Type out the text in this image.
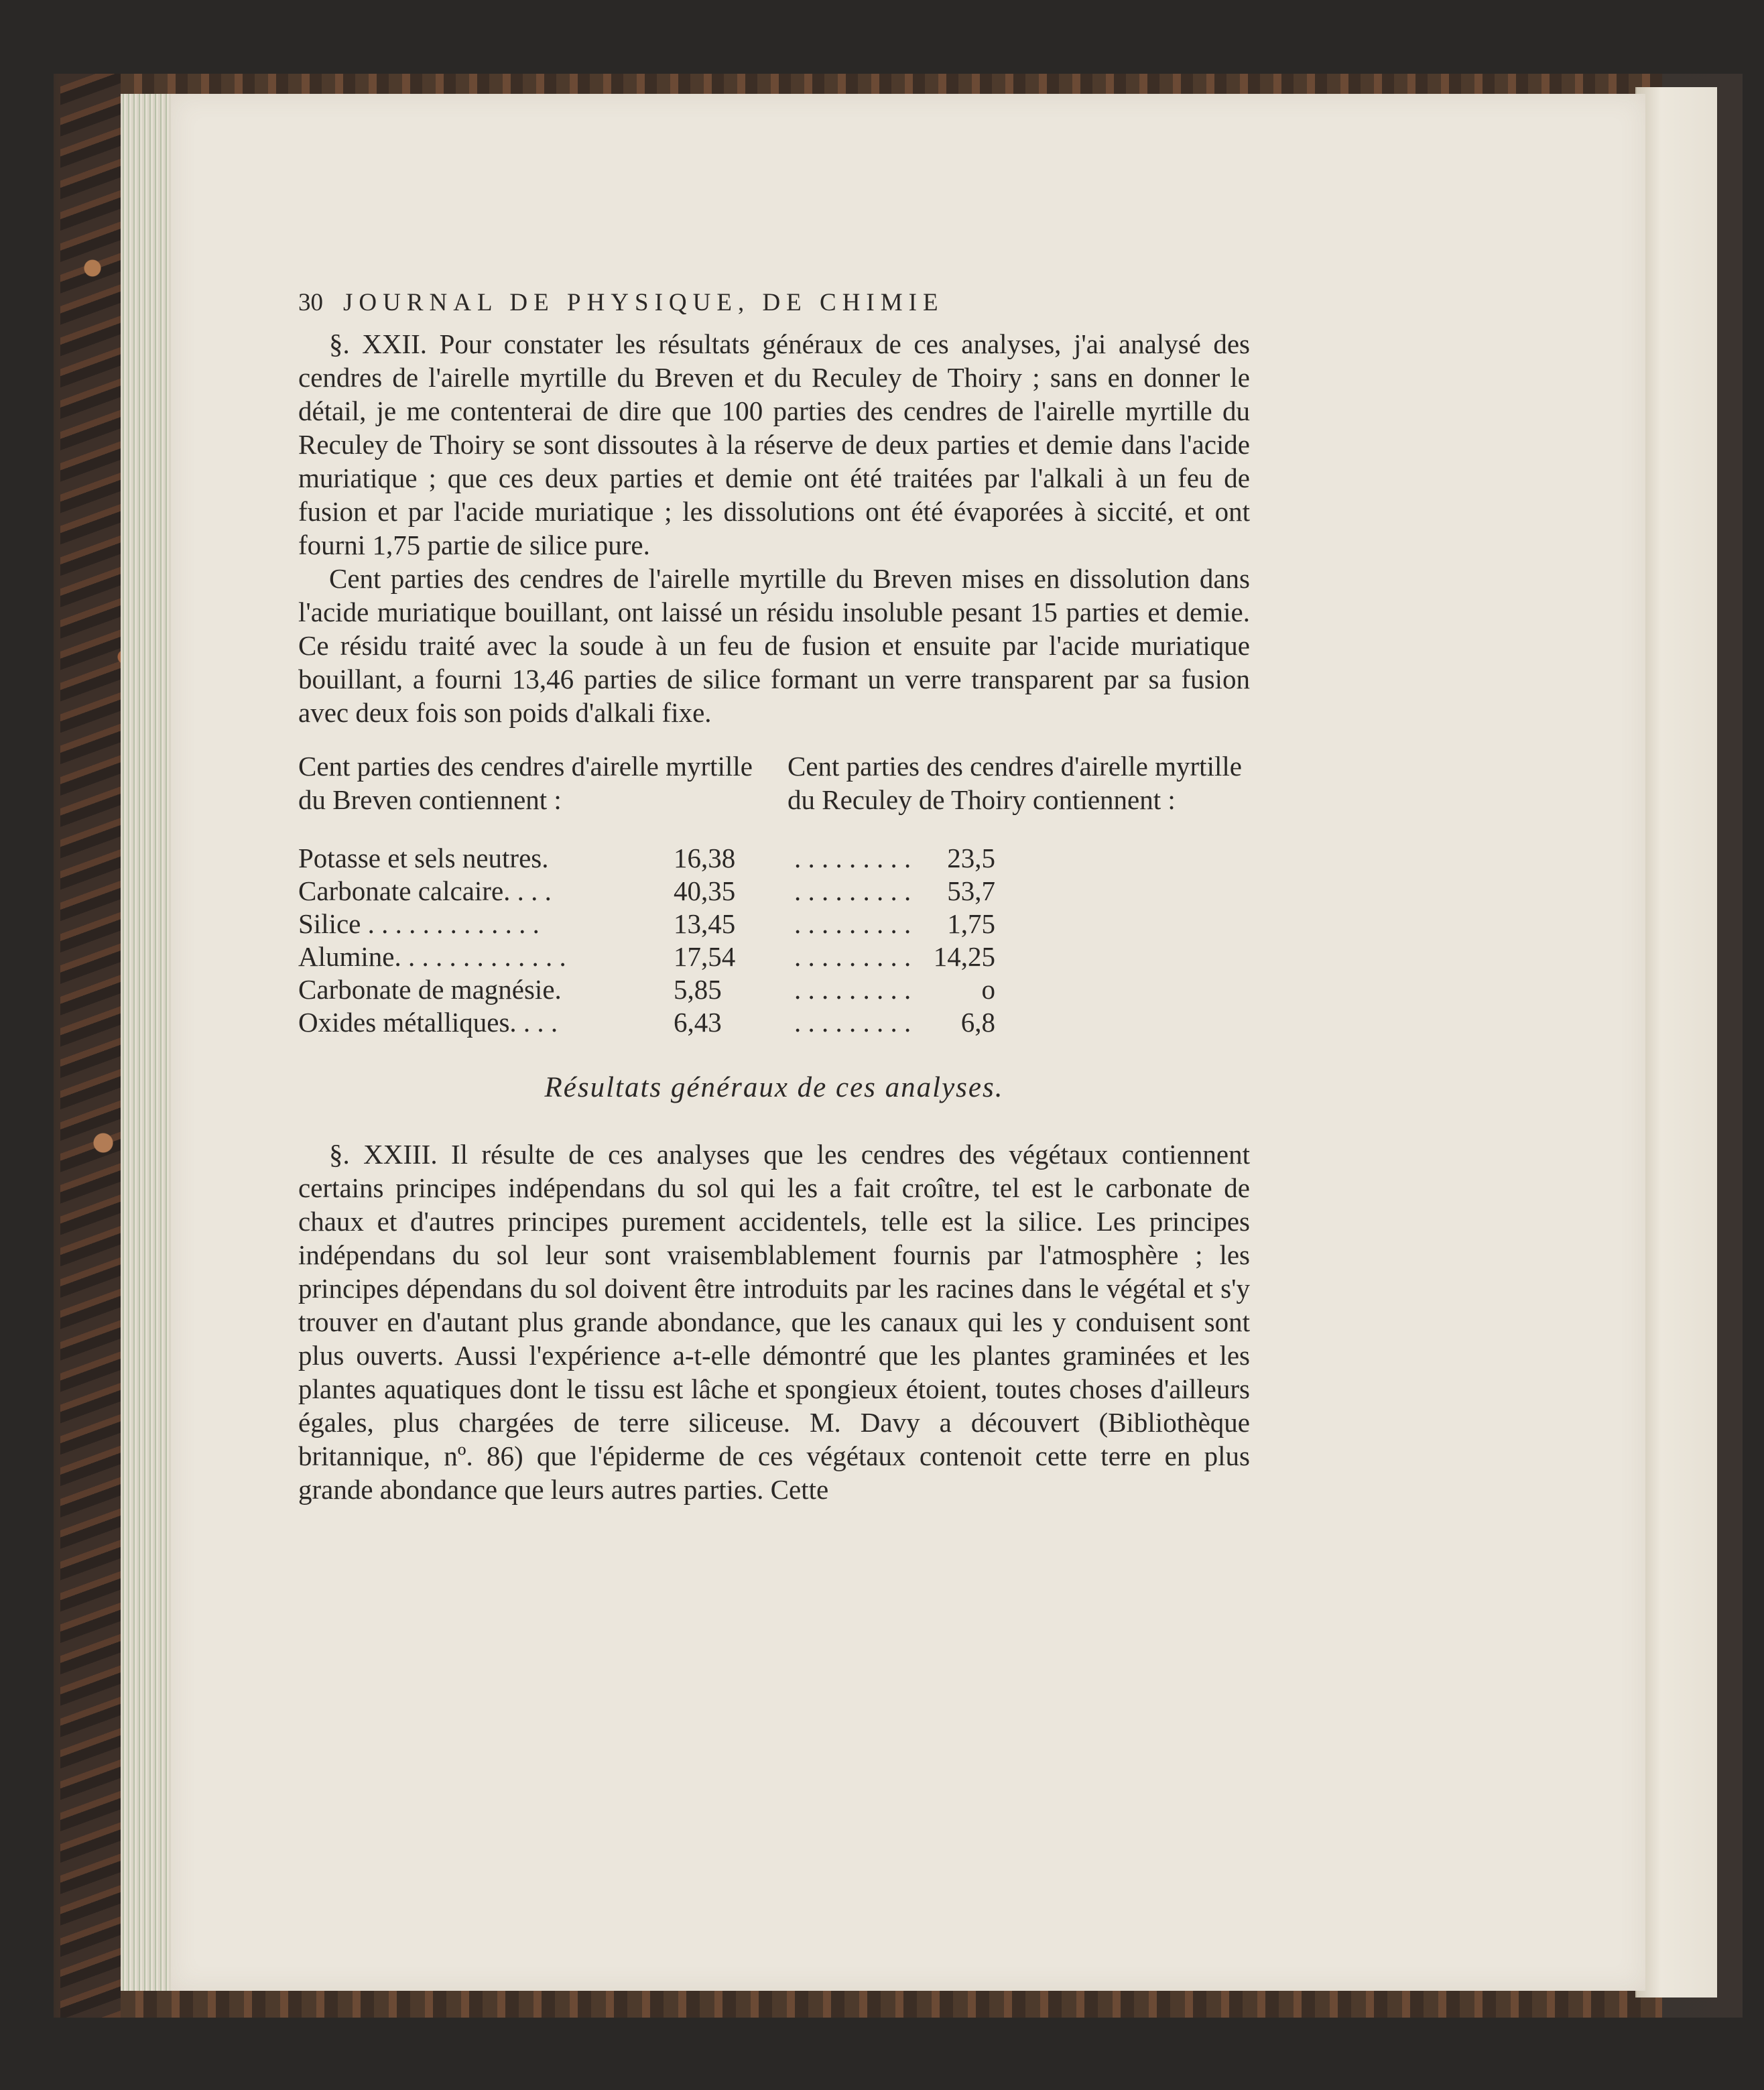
30 JOURNAL DE PHYSIQUE, DE CHIMIE

§. XXII. Pour constater les résultats généraux de ces analyses, j'ai analysé des cendres de l'airelle myrtille du Breven et du Reculey de Thoiry ; sans en donner le détail, je me contenterai de dire que 100 parties des cendres de l'airelle myrtille du Reculey de Thoiry se sont dissoutes à la réserve de deux parties et demie dans l'acide muriatique ; que ces deux parties et demie ont été traitées par l'alkali à un feu de fusion et par l'acide muriatique ; les dissolutions ont été évaporées à siccité, et ont fourni 1,75 partie de silice pure.

Cent parties des cendres de l'airelle myrtille du Breven mises en dissolution dans l'acide muriatique bouillant, ont laissé un résidu insoluble pesant 15 parties et demie. Ce résidu traité avec la soude à un feu de fusion et ensuite par l'acide muriatique bouillant, a fourni 13,46 parties de silice formant un verre transparent par sa fusion avec deux fois son poids d'alkali fixe.

Cent parties des cendres d'airelle myrtille du Breven contiennent :
Cent parties des cendres d'airelle myrtille du Reculey de Thoiry contiennent :
Potasse et sels neutres.	16,38	. . . . . . . . .	23,5
Carbonate calcaire. . . .	40,35	. . . . . . . . .	53,7
Silice . . . . . . . . . . . . .	13,45	. . . . . . . . .	1,75
Alumine. . . . . . . . . . . . .	17,54	. . . . . . . . . 14,25
Carbonate de magnésie.	5,85	. . . . . . . . .	o
Oxides métalliques. . . .	6,43	. . . . . . . . .	6,8
Résultats généraux de ces analyses.

§. XXIII. Il résulte de ces analyses que les cendres des végétaux contiennent certains principes indépendans du sol qui les a fait croître, tel est le carbonate de chaux et d'autres principes purement accidentels, telle est la silice. Les principes indépendans du sol leur sont vraisemblablement fournis par l'atmosphère ; les principes dépendans du sol doivent être introduits par les racines dans le végétal et s'y trouver en d'autant plus grande abondance, que les canaux qui les y conduisent sont plus ouverts. Aussi l'expérience a-t-elle démontré que les plantes graminées et les plantes aquatiques dont le tissu est lâche et spongieux étoient, toutes choses d'ailleurs égales, plus chargées de terre siliceuse. M. Davy a découvert (Bibliothèque britannique, nº. 86) que l'épiderme de ces végétaux contenoit cette terre en plus grande abondance que leurs autres parties. Cette
